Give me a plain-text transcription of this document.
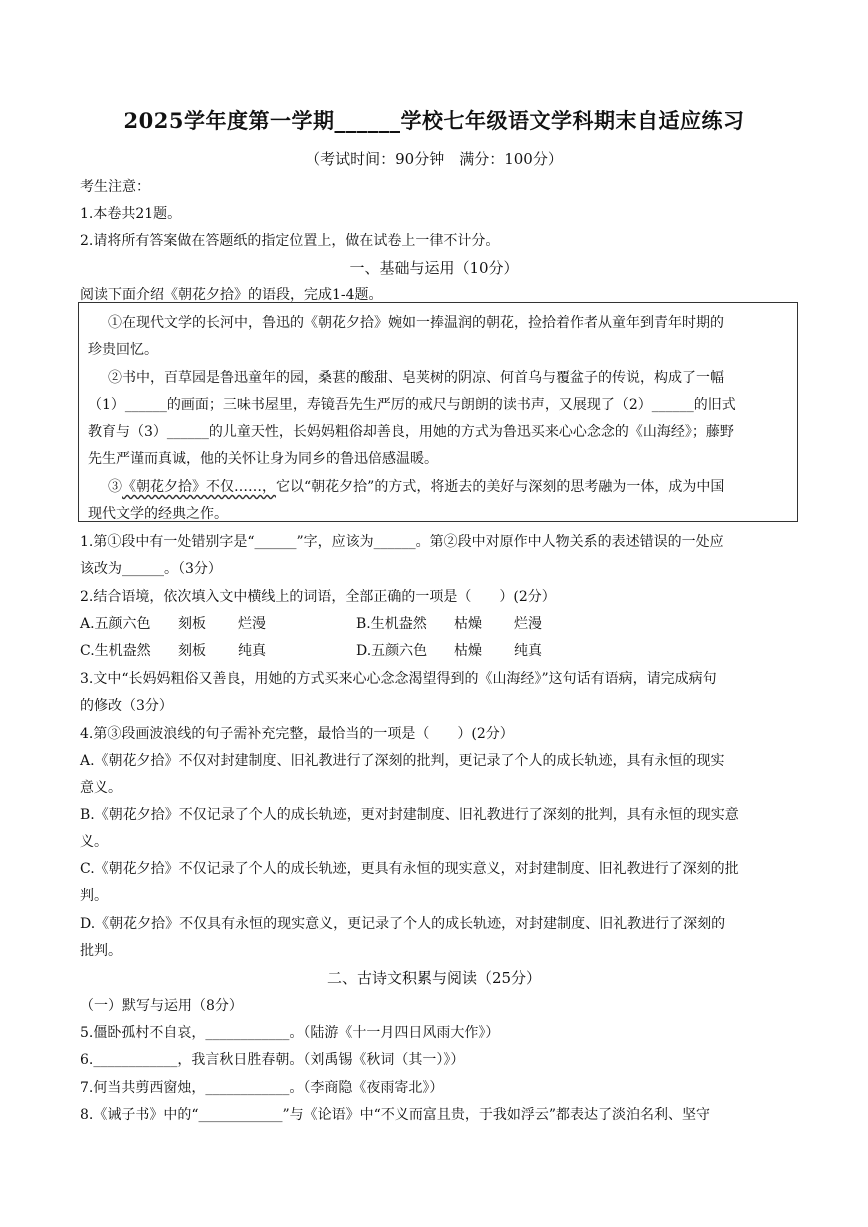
2025学年度第一学期______学校七年级语文学科期末自适应练习
（考试时间：90分钟　满分：100分）
考生注意：
1.本卷共21题。
2.请将所有答案做在答题纸的指定位置上，做在试卷上一律不计分。
一、基础与运用（10分）
阅读下面介绍《朝花夕拾》的语段，完成1-4题。
①在现代文学的长河中，鲁迅的《朝花夕拾》婉如一捧温润的朝花，捡拾着作者从童年到青年时期的
珍贵回忆。
②书中，百草园是鲁迅童年的园，桑葚的酸甜、皂荚树的阴凉、何首乌与覆盆子的传说，构成了一幅
（1）______的画面；三味书屋里，寿镜吾先生严厉的戒尺与朗朗的读书声，又展现了（2）______的旧式
教育与（3）______的儿童天性，长妈妈粗俗却善良，用她的方式为鲁迅买来心心念念的《山海经》；藤野
先生严谨而真诚，他的关怀让身为同乡的鲁迅倍感温暖。
③《朝花夕拾》不仅……，它以“朝花夕拾”的方式，将逝去的美好与深刻的思考融为一体，成为中国
现代文学的经典之作。
1.第①段中有一处错别字是“______”字，应该为______。第②段中对原作中人物关系的表述错误的一处应
该改为______。（3分）
2.结合语境，依次填入文中横线上的词语，全部正确的一项是（　　）(2分）
A.五颜六色 刻板 烂漫	B.生机盎然 枯燥 烂漫
C.生机盎然 刻板 纯真	D.五颜六色 枯燥 纯真
3.文中“长妈妈粗俗又善良，用她的方式买来心心念念渴望得到的《山海经》”这句话有语病，请完成病句
的修改（3分）
4.第③段画波浪线的句子需补充完整，最恰当的一项是（　　）(2分）
A.《朝花夕拾》不仅对封建制度、旧礼教进行了深刻的批判，更记录了个人的成长轨迹，具有永恒的现实
意义。
B.《朝花夕拾》不仅记录了个人的成长轨迹，更对封建制度、旧礼教进行了深刻的批判，具有永恒的现实意
义。
C.《朝花夕拾》不仅记录了个人的成长轨迹，更具有永恒的现实意义，对封建制度、旧礼教进行了深刻的批
判。
D.《朝花夕拾》不仅具有永恒的现实意义，更记录了个人的成长轨迹，对封建制度、旧礼教进行了深刻的
批判。
二、古诗文积累与阅读（25分）
（一）默写与运用（8分）
5.僵卧孤村不自哀，____________。（陆游《十一月四日风雨大作》）
6.____________，我言秋日胜春朝。（刘禹锡《秋词（其一）》）
7.何当共剪西窗烛，____________。（李商隐《夜雨寄北》）
8.《诫子书》中的“____________”与《论语》中“不义而富且贵，于我如浮云”都表达了淡泊名利、坚守
